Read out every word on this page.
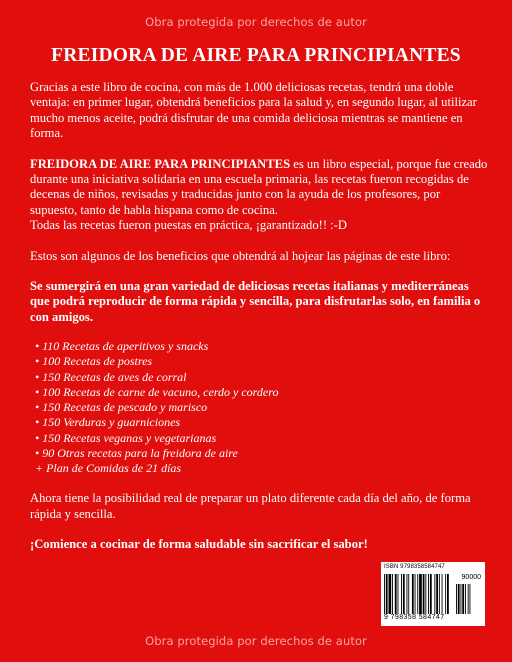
Obra protegida por derechos de autor
FREIDORA DE AIRE PARA PRINCIPIANTES

Gracias a este libro de cocina, con más de 1.000 deliciosas recetas, tendrá una doble ventaja: en primer lugar, obtendrá beneficios para la salud y, en segundo lugar, al utilizar mucho menos aceite, podrá disfrutar de una comida deliciosa mientras se mantiene en forma.

FREIDORA DE AIRE PARA PRINCIPIANTES es un libro especial, porque fue creado durante una iniciativa solidaria en una escuela primaria, las recetas fueron recogidas de decenas de niños, revisadas y traducidas junto con la ayuda de los profesores, por supuesto, tanto de habla hispana como de cocina.
Todas las recetas fueron puestas en práctica, ¡garantizado!! :-D

Estos son algunos de los beneficios que obtendrá al hojear las páginas de este libro:

Se sumergirá en una gran variedad de deliciosas recetas italianas y mediterráneas que podrá reproducir de forma rápida y sencilla, para disfrutarlas solo, en familia o con amigos.

• 110 Recetas de aperitivos y snacks
• 100 Recetas de postres
• 150 Recetas de aves de corral
• 100 Recetas de carne de vacuno, cerdo y cordero
• 150 Recetas de pescado y marisco
• 150 Verduras y guarniciones
• 150 Recetas veganas y vegetarianas
• 90 Otras recetas para la freidora de aire
+ Plan de Comidas de 21 días

Ahora tiene la posibilidad real de preparar un plato diferente cada día del año, de forma rápida y sencilla.

¡Comience a cocinar de forma saludable sin sacrificar el sabor!

ISBN 9798358584747
90000
9 798358 584747
Obra protegida por derechos de autor
